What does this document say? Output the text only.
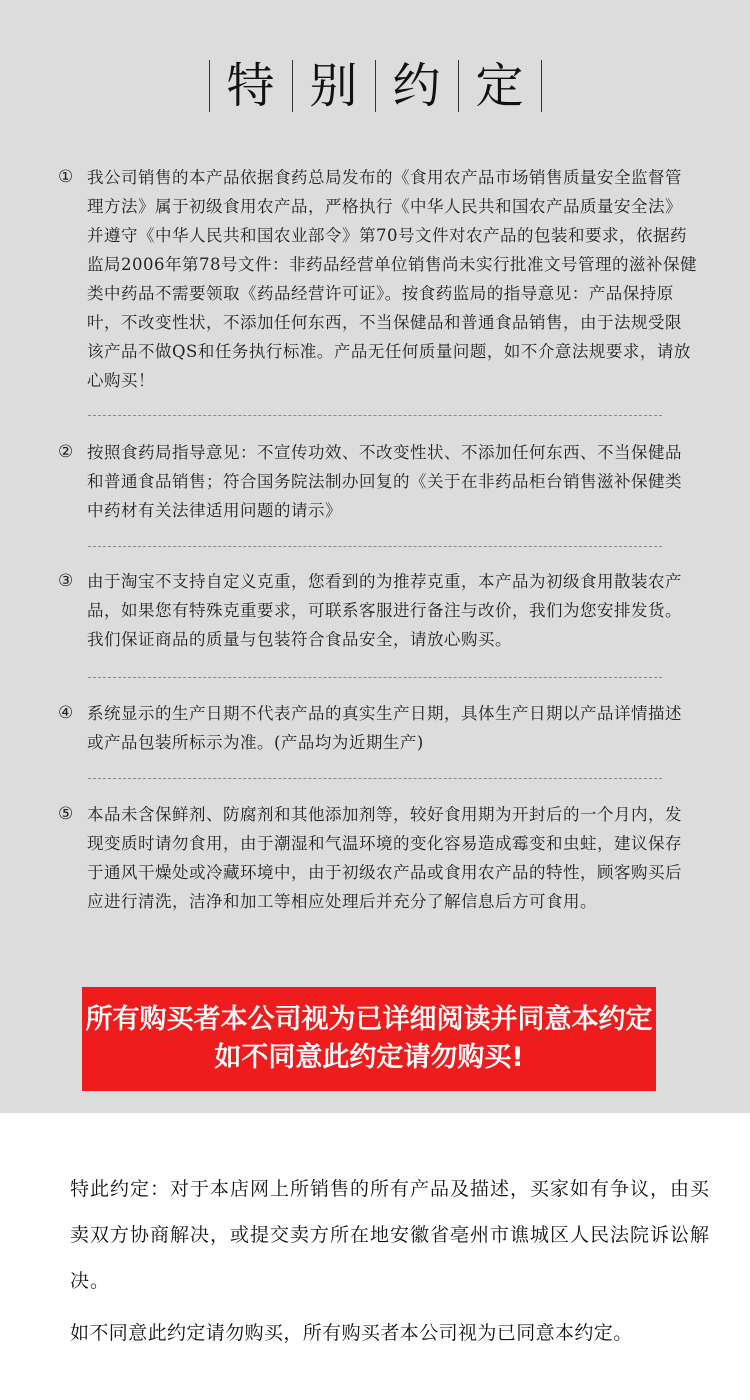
特 别 约 定
① 我公司销售的本产品依据食药总局发布的《食用农产品市场销售质量安全监督管理方法》属于初级食用农产品，严格执行《中华人民共和国农产品质量安全法》并遵守《中华人民共和国农业部令》第70号文件对农产品的包装和要求，依据药监局2006年第78号文件：非药品经营单位销售尚未实行批准文号管理的滋补保健类中药品不需要领取《药品经营许可证》。按食药监局的指导意见：产品保持原叶，不改变性状，不添加任何东西，不当保健品和普通食品销售，由于法规受限该产品不做QS和任务执行标准。产品无任何质量问题，如不介意法规要求，请放心购买！
② 按照食药局指导意见：不宣传功效、不改变性状、不添加任何东西、不当保健品和普通食品销售；符合国务院法制办回复的《关于在非药品柜台销售滋补保健类中药材有关法律适用问题的请示》
③ 由于淘宝不支持自定义克重，您看到的为推荐克重，本产品为初级食用散装农产品，如果您有特殊克重要求，可联系客服进行备注与改价，我们为您安排发货。我们保证商品的质量与包装符合食品安全，请放心购买。
④ 系统显示的生产日期不代表产品的真实生产日期，具体生产日期以产品详情描述或产品包装所标示为准。(产品均为近期生产)
⑤ 本品未含保鲜剂、防腐剂和其他添加剂等，较好食用期为开封后的一个月内，发现变质时请勿食用，由于潮湿和气温环境的变化容易造成霉变和虫蛀，建议保存于通风干燥处或冷藏环境中，由于初级农产品或食用农产品的特性，顾客购买后应进行清洗，洁净和加工等相应处理后并充分了解信息后方可食用。
所有购买者本公司视为已详细阅读并同意本约定
如不同意此约定请勿购买!
特此约定：对于本店网上所销售的所有产品及描述，买家如有争议，由买卖双方协商解决，或提交卖方所在地安徽省亳州市谯城区人民法院诉讼解决。
如不同意此约定请勿购买，所有购买者本公司视为已同意本约定。
